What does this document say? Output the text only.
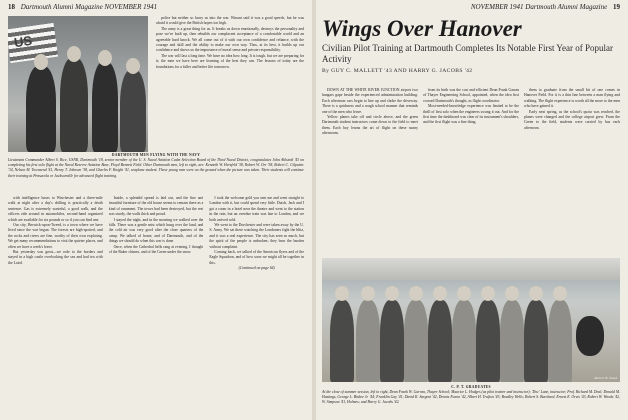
18 Dartmouth Alumni Magazine NOVEMBER 1941
US

police but neither so hurry us into the war. Winant said it was a good speech, but he was afraid it would give the British hopes too high.

The army is a great thing for us. It breaks us down emotionally, destroys the personality and pose we've built up, then rebuilds our complacent acceptance of a comfortable world and an agreeable hard knock. We all come out of it with our own confidence and reliance, with the courage and skill and the ability to make our own way. Thus, at its best, it builds up our confidence and shows us the importance of moral sense and private responsibility.

The war will last a long time. We have no idea how long. It is tough, but we are preparing for it; the men we have here are learning of the best they can. The lessons of today are the foundations for a fuller and better life tomorrow.

DARTMOUTH MEN FLYING WITH THE NAVY
Lieutenant Commander Albert S. Rice, USNR, Dartmouth '18, senior member of the U. S. Naval Aviation Cadet Selection Board of the Third Naval District, congratulates John Ahlstedt '43 on completing his first solo flight at the Naval Reserve Aviation Base, Floyd Bennett Field. Other Dartmouth men, left to right, are: Kenneth W. Herzfeld '38, Robert W. Orr '38, Robert C. Gilpatric '34, Nelson M. Townsend '41, Henry T. Johnsen '38, and Charles F. Knight '41, seaplane student. These young men were on the ground when the picture was taken. Their students will continue their training at Pensacola or Jacksonville for advanced flight training.

with intelligence bases to Winchester and a three-mile walk at night after a day's drilling is practically a death sentence. Gas is extremely wasteful, a good walk, and the officers ride around in automobiles, second-hand organized which are available for six pounds or so if you can find one.

Our city, Berwick-upon-Tweed, is a town where we have lived since the war began. The forests are high-spotted, and the rocks and rivers are fine, worthy of their own exploring. We get many recommendations to visit the quieter places, and often we have a week's leave.

But yesterday was great—we rode to the borders and stayed in a high castle overlooking the sea and had tea with the Laird.

Inside, a splendid spread is laid out, and the fine and beautiful furniture of the old house seems to remain there as a kind of ornament. The tower had been destroyed, but the rest was sturdy, the walls thick and proud.

I stayed the night, and in the morning we walked over the hills. There was a gentle mist which hung over the land, and the cold air was very good after the close quarters of the camp. We talked of home, and of Dartmouth, and of the things we should do when this war is done.

Once, when the Cathedral bells rang at evening, I thought of the Baker chimes, and of the Green under the snow.

I took the welcome gold you sent me and went straight to London with it, but could spend very little. Dutch, Jack and I got a room in a hotel near the theatre and went to the station in the rain, but an overdue train was late to London, and we both arrived cold.

We went to the Dorchester and were taken away by the U. S. Army. We sat there watching the Londoners fight the blitz, and it was a real experience. The city has seen so much, but the spirit of the people is unbroken; they bear the burden without complaint.

Coming back, we talked of the American flyers and of the Eagle Squadron, and of how soon we might all be together in this.

(Continued on page 64)

NOVEMBER 1941 Dartmouth Alumni Magazine 19
Wings Over Hanover
Civilian Pilot Training at Dartmouth Completes Its Notable First Year of Popular Activity
By GUY C. MALLETT '43 AND HARRY G. JACOBS '42

DOWN AT THE WHITE RIVER JUNCTION airport two hangars gape beside the experienced administration building. Each afternoon cars begin to line up and choke the driveway. There is a quickness and a rough school manner that reminds one of the men who leave.

Yellow planes take off and circle above, and the green Dartmouth student instructors come down to the field to meet them. Each boy learns the art of flight on these sunny afternoons.

from its birth was the cost and efficient Dean Frank Garran of Thayer Engineering School, appointed, when the idea first crossed Dartmouth's thought, as flight coordinator.

Most-needed-knowledge experience was limited to be the thrill of first solo when the engineers swung it out. And for the first time the dashboard was clear of its instrument's shoulders, and the first flight was a fine thing.

them to graduate from the small bit of one comes in Hanover Field. For it is a thin line between a man flying and walking. The flight experience is worth all the more to the men who have gained it.

Early next spring, as the school's quota was reached, the planes were changed and the college airport grew. From the Green to the field, students were carried by bus each afternoon.

Robert W. Wood
C. P. T. GRADUATES
At the close of summer session, left to right, Dean Frank W. Garran, Thayer School; Maurice L. Hodges (as pilot trainer and instructor); 'Doc' Lane, instructor; Prof. Richard M. Deal; Donald M. Hastings, George L. Bisbee Jr. '44; Franklin Gay '41; David K. Sargent '42, Dennis Faxon '42, Albert H. Trafton '43; Bradley Wells; Robert S. Burchard, Ernest E. Orvis '43, Robert W. Woods '42, W. Simpson '41, Holmes; and Harry G. Jacobs '42.
